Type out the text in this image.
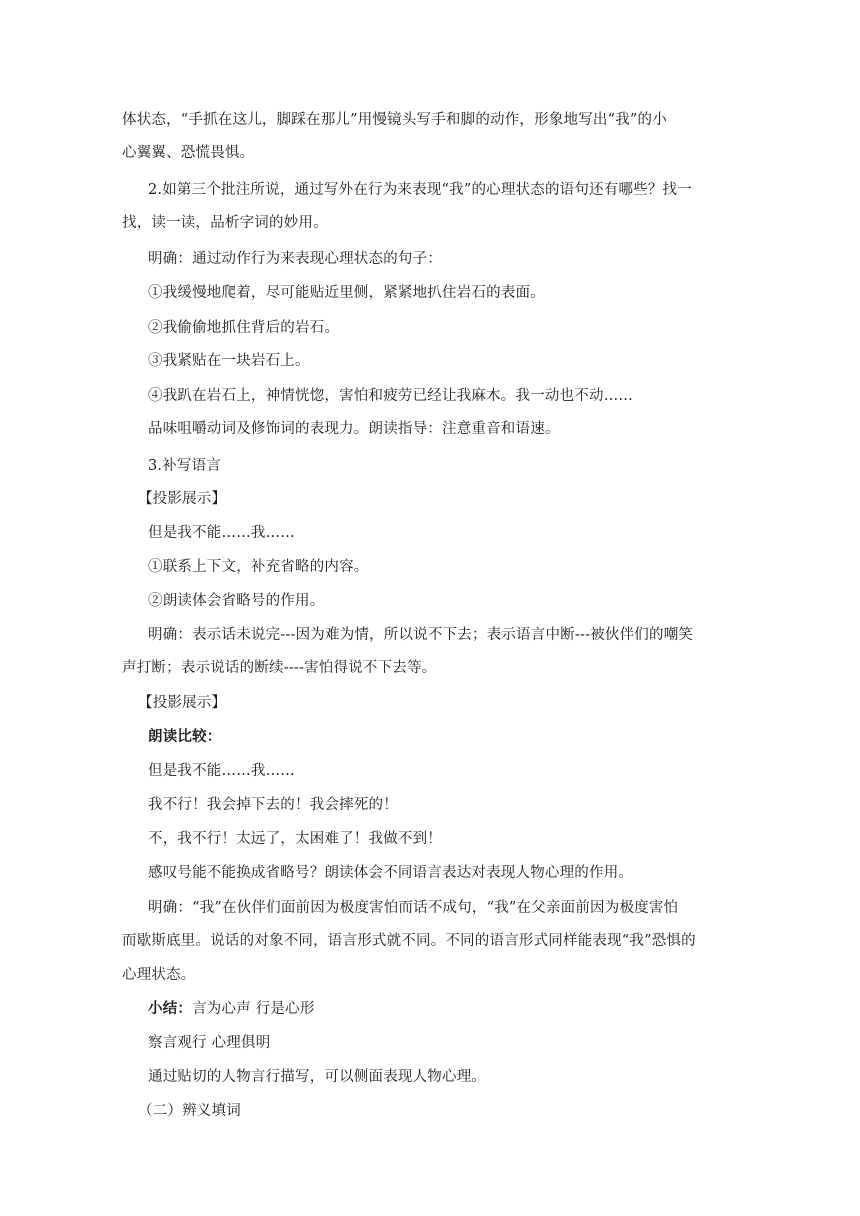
体状态，“手抓在这儿，脚踩在那儿”用慢镜头写手和脚的动作，形象地写出“我”的小
心翼翼、恐慌畏惧。
2.如第三个批注所说，通过写外在行为来表现“我”的心理状态的语句还有哪些？找一
找，读一读，品析字词的妙用。
明确：通过动作行为来表现心理状态的句子：
①我缓慢地爬着，尽可能贴近里侧，紧紧地扒住岩石的表面。
②我偷偷地抓住背后的岩石。
③我紧贴在一块岩石上。
④我趴在岩石上，神情恍惚，害怕和疲劳已经让我麻木。我一动也不动……
品味咀嚼动词及修饰词的表现力。朗读指导：注意重音和语速。
3.补写语言
【投影展示】
但是我不能……我……
①联系上下文，补充省略的内容。
②朗读体会省略号的作用。
明确：表示话未说完---因为难为情，所以说不下去；表示语言中断---被伙伴们的嘲笑
声打断；表示说话的断续----害怕得说不下去等。
【投影展示】
朗读比较：
但是我不能……我……
我不行！我会掉下去的！我会摔死的！
不，我不行！太远了，太困难了！我做不到！
感叹号能不能换成省略号？朗读体会不同语言表达对表现人物心理的作用。
明确：“我”在伙伴们面前因为极度害怕而话不成句，“我”在父亲面前因为极度害怕
而歇斯底里。说话的对象不同，语言形式就不同。不同的语言形式同样能表现“我”恐惧的
心理状态。
小结：言为心声 行是心形
察言观行 心理俱明
通过贴切的人物言行描写，可以侧面表现人物心理。
（二）辨义填词
